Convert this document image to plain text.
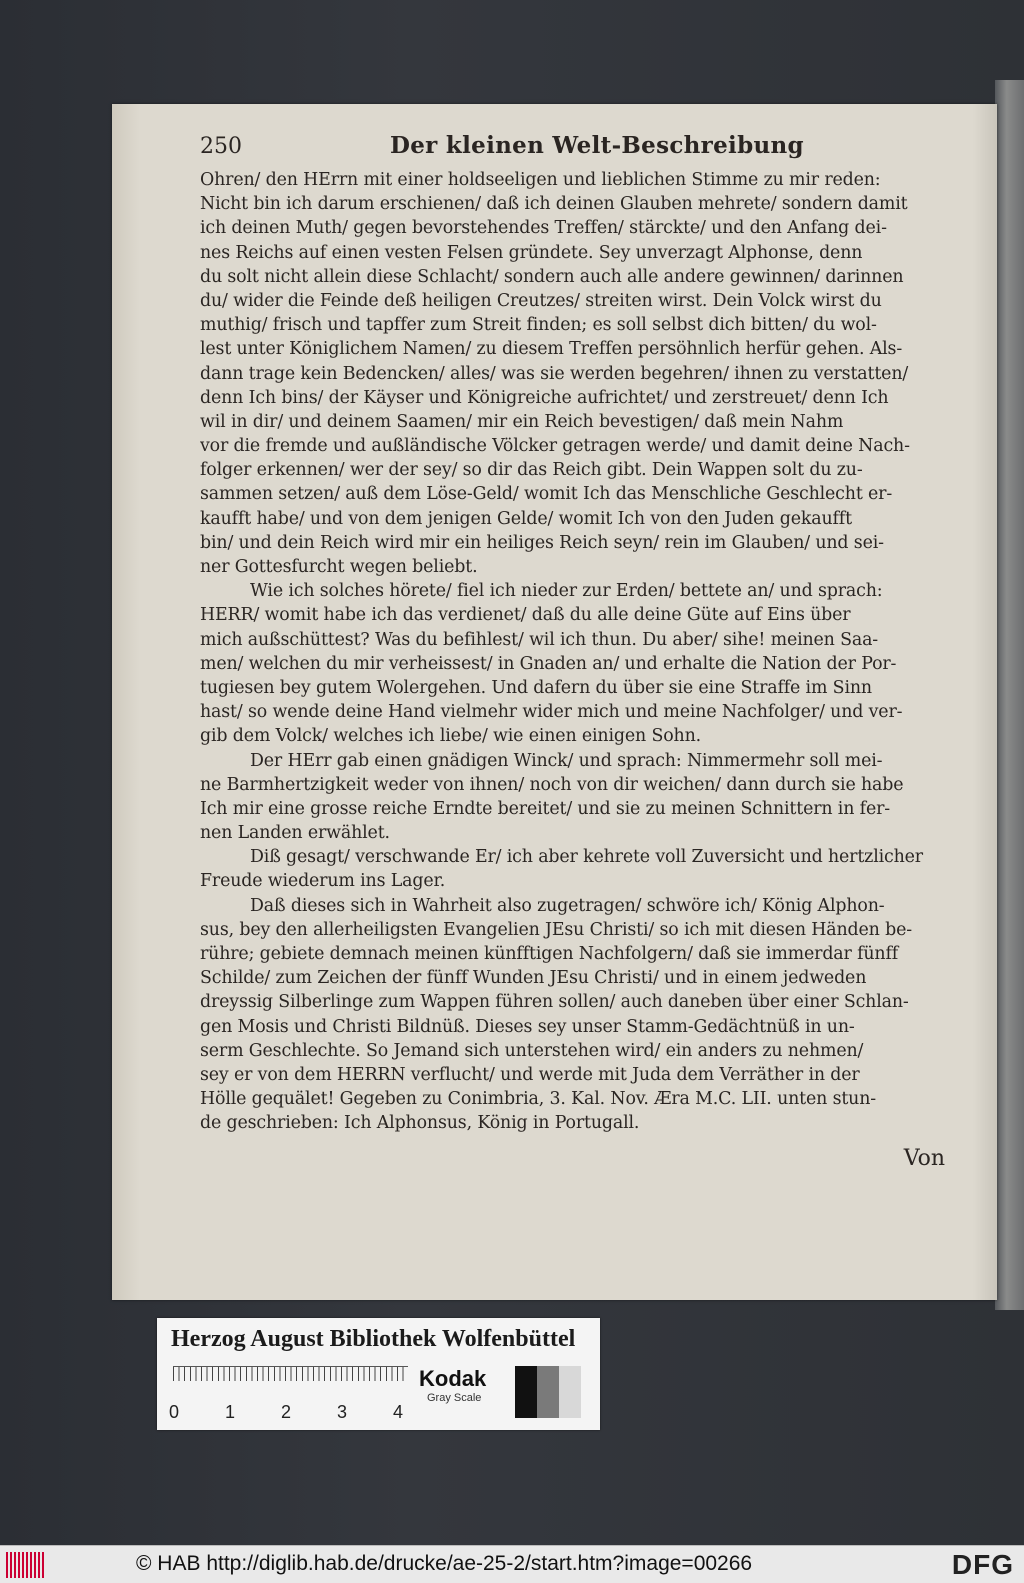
250	Der kleinen Welt-Beschreibung
Ohren/ den HErrn mit einer holdseeligen und lieblichen Stimme zu mir reden:
Nicht bin ich darum erschienen/ daß ich deinen Glauben mehrete/ sondern damit
ich deinen Muth/ gegen bevorstehendes Treffen/ stärckte/ und den Anfang dei-
nes Reichs auf einen vesten Felsen gründete. Sey unverzagt Alphonse, denn
du solt nicht allein diese Schlacht/ sondern auch alle andere gewinnen/ darinnen
du/ wider die Feinde deß heiligen Creutzes/ streiten wirst. Dein Volck wirst du
muthig/ frisch und tapffer zum Streit finden; es soll selbst dich bitten/ du wol-
lest unter Königlichem Namen/ zu diesem Treffen persöhnlich herfür gehen. Als-
dann trage kein Bedencken/ alles/ was sie werden begehren/ ihnen zu verstatten/
denn Ich bins/ der Käyser und Königreiche aufrichtet/ und zerstreuet/ denn Ich
wil in dir/ und deinem Saamen/ mir ein Reich bevestigen/ daß mein Nahm
vor die fremde und außländische Völcker getragen werde/ und damit deine Nach-
folger erkennen/ wer der sey/ so dir das Reich gibt. Dein Wappen solt du zu-
sammen setzen/ auß dem Löse-Geld/ womit Ich das Menschliche Geschlecht er-
kaufft habe/ und von dem jenigen Gelde/ womit Ich von den Juden gekaufft
bin/ und dein Reich wird mir ein heiliges Reich seyn/ rein im Glauben/ und sei-
ner Gottesfurcht wegen beliebt.
Wie ich solches hörete/ fiel ich nieder zur Erden/ bettete an/ und sprach:
HERR/ womit habe ich das verdienet/ daß du alle deine Güte auf Eins über
mich außschüttest? Was du befihlest/ wil ich thun. Du aber/ sihe! meinen Saa-
men/ welchen du mir verheissest/ in Gnaden an/ und erhalte die Nation der Por-
tugiesen bey gutem Wolergehen. Und dafern du über sie eine Straffe im Sinn
hast/ so wende deine Hand vielmehr wider mich und meine Nachfolger/ und ver-
gib dem Volck/ welches ich liebe/ wie einen einigen Sohn.
Der HErr gab einen gnädigen Winck/ und sprach: Nimmermehr soll mei-
ne Barmhertzigkeit weder von ihnen/ noch von dir weichen/ dann durch sie habe
Ich mir eine grosse reiche Erndte bereitet/ und sie zu meinen Schnittern in fer-
nen Landen erwählet.
Diß gesagt/ verschwande Er/ ich aber kehrete voll Zuversicht und hertzlicher
Freude wiederum ins Lager.
Daß dieses sich in Wahrheit also zugetragen/ schwöre ich/ König Alphon-
sus, bey den allerheiligsten Evangelien JEsu Christi/ so ich mit diesen Händen be-
rühre; gebiete demnach meinen künfftigen Nachfolgern/ daß sie immerdar fünff
Schilde/ zum Zeichen der fünff Wunden JEsu Christi/ und in einem jedweden
dreyssig Silberlinge zum Wappen führen sollen/ auch daneben über einer Schlan-
gen Mosis und Christi Bildnüß. Dieses sey unser Stamm-Gedächtnüß in un-
serm Geschlechte. So Jemand sich unterstehen wird/ ein anders zu nehmen/
sey er von dem HERRN verflucht/ und werde mit Juda dem Verräther in der
Hölle gequälet! Gegeben zu Conimbria, 3. Kal. Nov. Æra M.C. LII. unten stun-
de geschrieben: Ich Alphonsus, König in Portugall.
Von
Herzog August Bibliothek Wolfenbüttel
0	1	2	3	4
Kodak
Gray Scale
© HAB http://diglib.hab.de/drucke/ae-25-2/start.htm?image=00266	DFG
